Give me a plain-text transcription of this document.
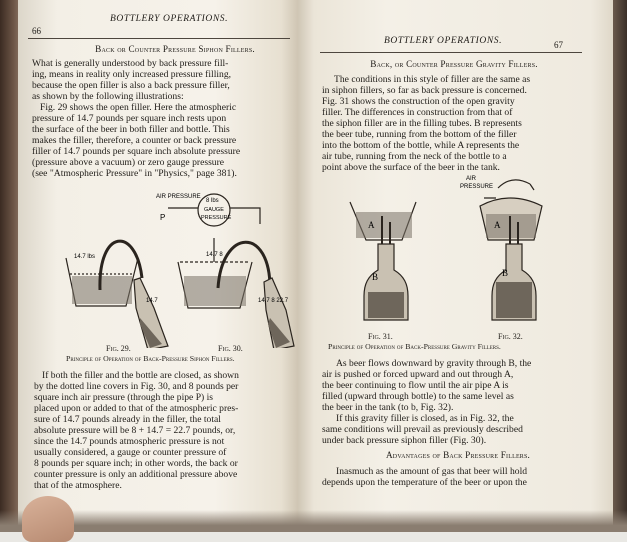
66
BOTTLERY OPERATIONS.
Back or Counter Pressure Siphon Fillers.
What is generally understood by back pressure fill-
ing, means in reality only increased pressure filling,
because the open filler is also a back pressure filler,
as shown by the following illustrations:
Fig. 29 shows the open filler. Here the atmospheric
pressure of 14.7 pounds per square inch rests upon
the surface of the beer in both filler and bottle. This
makes the filler, therefore, a counter or back pressure
filler of 14.7 pounds per square inch absolute pressure
(pressure above a vacuum) or zero gauge pressure
(see "Atmospheric Pressure" in "Physics," page 381).
AIR PRESSURE
P
8 lbs
GAUGE
PRESSURE
14.7 lbs	14.7 8
14.7	14.7 8 22.7
Fig. 29.	Fig. 30.
Principle of Operation of Back-Pressure Siphon Fillers.
If both the filler and the bottle are closed, as shown
by the dotted line covers in Fig. 30, and 8 pounds per
square inch air pressure (through the pipe P) is
placed upon or added to that of the atmospheric pres-
sure of 14.7 pounds already in the filler, the total
absolute pressure will be 8 + 14.7 = 22.7 pounds, or,
since the 14.7 pounds atmospheric pressure is not
usually considered, a gauge or counter pressure of
8 pounds per square inch; in other words, the back or
counter pressure is only an additional pressure above
that of the atmosphere.
BOTTLERY OPERATIONS.	67
Back, or Counter Pressure Gravity Fillers.
The conditions in this style of filler are the same as
in siphon fillers, so far as back pressure is concerned.
Fig. 31 shows the construction of the open gravity
filler. The differences in construction from that of
the siphon filler are in the filling tubes. B represents
the beer tube, running from the bottom of the filler
into the bottom of the bottle, while A represents the
air tube, running from the neck of the bottle to a
point above the surface of the beer in the tank.
A
B
A
B
AIR
PRESSURE
Fig. 31.	Fig. 32.
Principle of Operation of Back-Pressure Gravity Fillers.
As beer flows downward by gravity through B, the
air is pushed or forced upward and out through A,
the beer continuing to flow until the air pipe A is
filled (upward through bottle) to the same level as
the beer in the tank (to b, Fig. 32).
If this gravity filler is closed, as in Fig. 32, the
same conditions will prevail as previously described
under back pressure siphon filler (Fig. 30).
Advantages of Back Pressure Fillers.
Inasmuch as the amount of gas that beer will hold
depends upon the temperature of the beer or upon the
